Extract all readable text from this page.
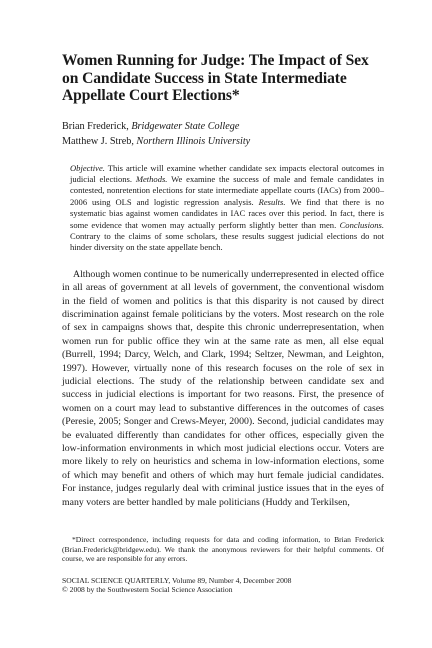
Women Running for Judge: The Impact of Sex on Candidate Success in State Intermediate Appellate Court Elections*
Brian Frederick, Bridgewater State College
Matthew J. Streb, Northern Illinois University
Objective. This article will examine whether candidate sex impacts electoral outcomes in judicial elections. Methods. We examine the success of male and female candidates in contested, nonretention elections for state intermediate appellate courts (IACs) from 2000–2006 using OLS and logistic regression analysis. Results. We find that there is no systematic bias against women candidates in IAC races over this period. In fact, there is some evidence that women may actually perform slightly better than men. Conclusions. Contrary to the claims of some scholars, these results suggest judicial elections do not hinder diversity on the state appellate bench.

Although women continue to be numerically underrepresented in elected office in all areas of government at all levels of government, the conventional wisdom in the field of women and politics is that this disparity is not caused by direct discrimination against female politicians by the voters. Most research on the role of sex in campaigns shows that, despite this chronic underrepresentation, when women run for public office they win at the same rate as men, all else equal (Burrell, 1994; Darcy, Welch, and Clark, 1994; Seltzer, Newman, and Leighton, 1997). However, virtually none of this research focuses on the role of sex in judicial elections. The study of the relationship between candidate sex and success in judicial elections is important for two reasons. First, the presence of women on a court may lead to substantive differences in the outcomes of cases (Peresie, 2005; Songer and Crews-Meyer, 2000). Second, judicial candidates may be evaluated differently than candidates for other offices, especially given the low-information environments in which most judicial elections occur. Voters are more likely to rely on heuristics and schema in low-information elections, some of which may benefit and others of which may hurt female judicial candidates. For instance, judges regularly deal with criminal justice issues that in the eyes of many voters are better handled by male politicians (Huddy and Terkilsen,

*Direct correspondence, including requests for data and coding information, to Brian Frederick (Brian.Frederick@bridgew.edu). We thank the anonymous reviewers for their helpful comments. Of course, we are responsible for any errors.
SOCIAL SCIENCE QUARTERLY, Volume 89, Number 4, December 2008
© 2008 by the Southwestern Social Science Association
